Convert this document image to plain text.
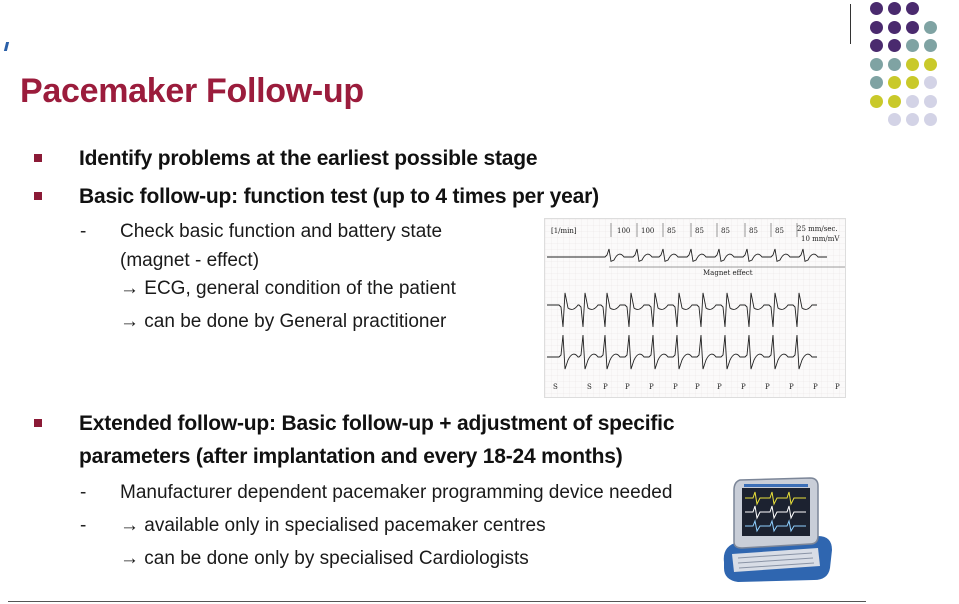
Pacemaker Follow-up
Identify problems at the earliest possible stage
Basic follow-up: function test (up to 4 times per year)
- Check basic function and battery state
(magnet - effect)
→ ECG, general condition of the patient
→ can be done by General practitioner
[1/min]	100 100 85	85 85	85 85 25 mm/sec.
10 mm/mV
Magnet effect
S	S P P	P	P P P	P	P	P	P P
Extended follow-up: Basic follow-up + adjustment of specific
parameters (after implantation and every 18-24 months)
- Manufacturer dependent pacemaker programming device needed
- → available only in specialised pacemaker centres
→ can be done only by specialised Cardiologists
